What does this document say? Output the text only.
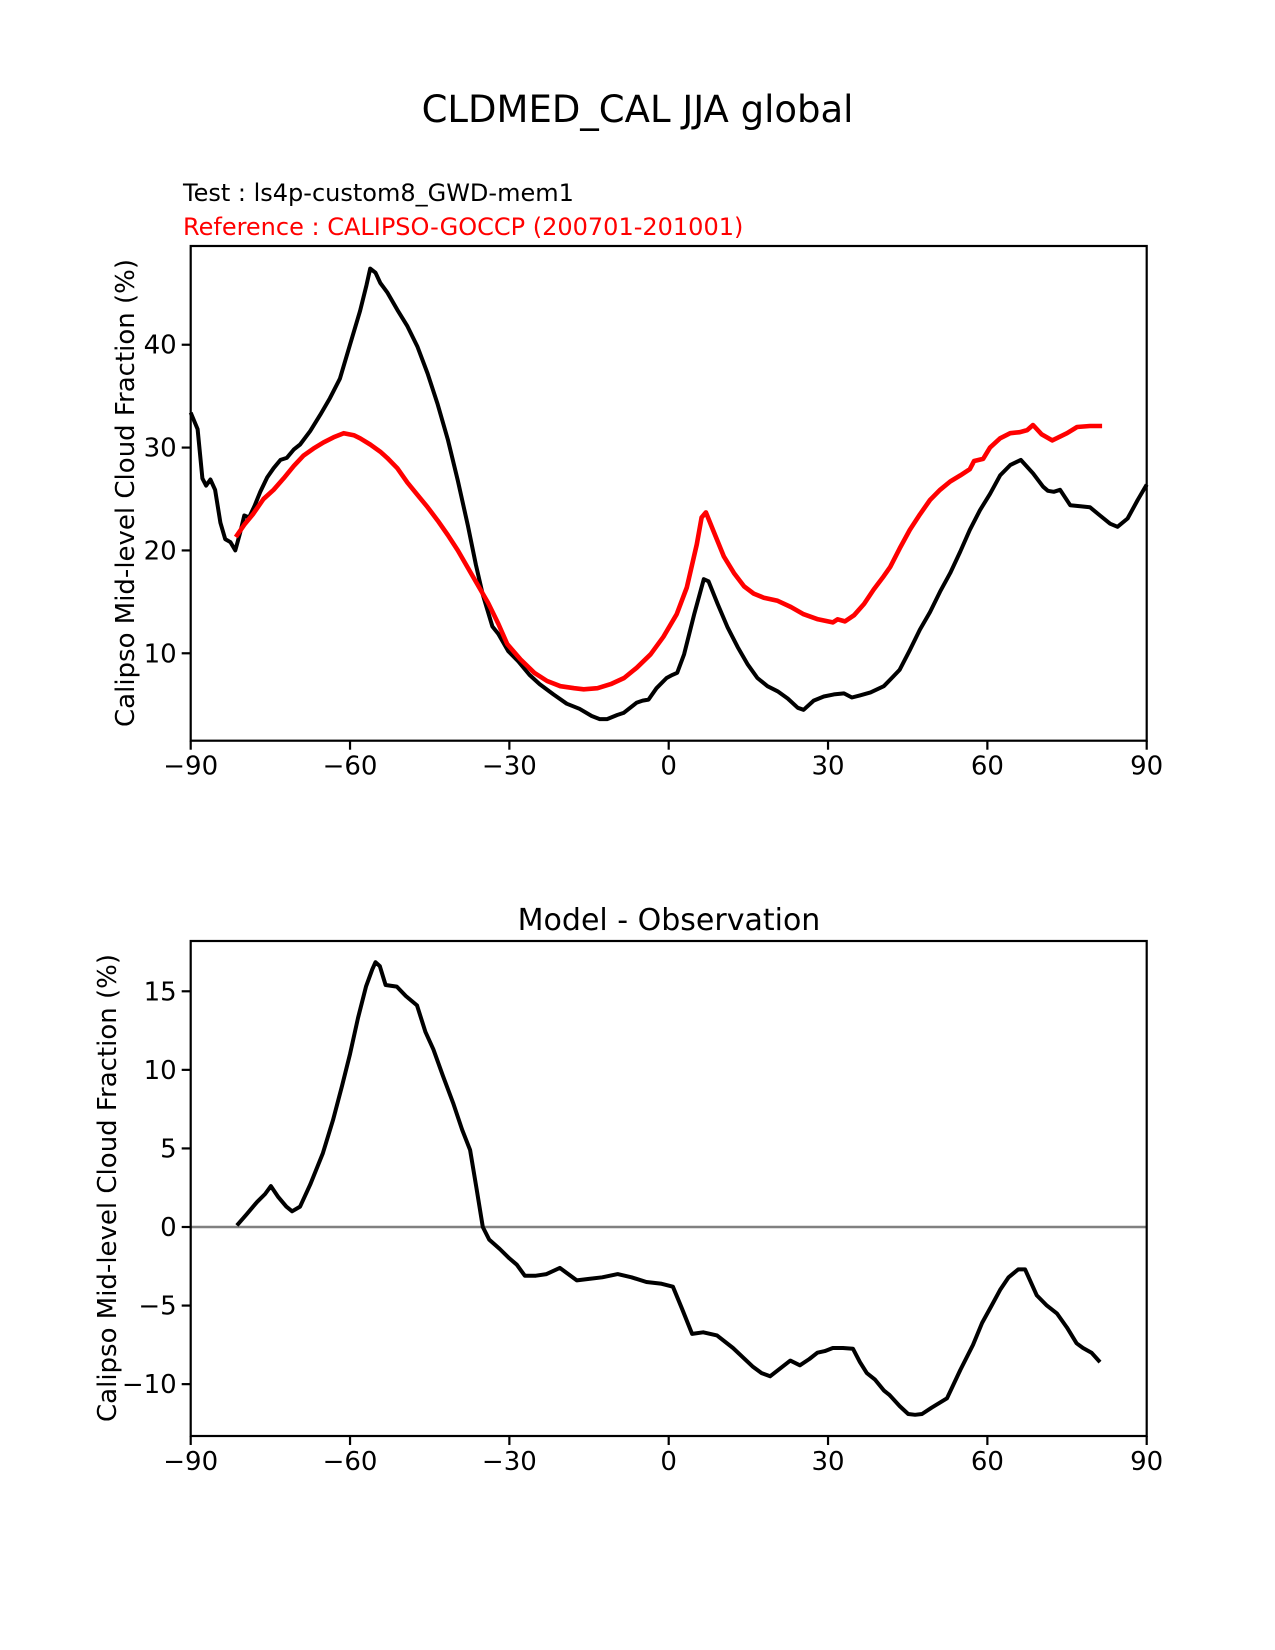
CLDMED_CAL JJA global
Test : ls4p-custom8_GWD-mem1
Reference : CALIPSO-GOCCP (200701-201001)
Calipso Mid-level Cloud Fraction (%)
Calipso Mid-level Cloud Fraction (%)
Model - Observation
−90	−60	−30	0	30	60	90
10
20
30
40
−90	−60	−30	0	30	60	90
−10
−5
0
5
10
15
